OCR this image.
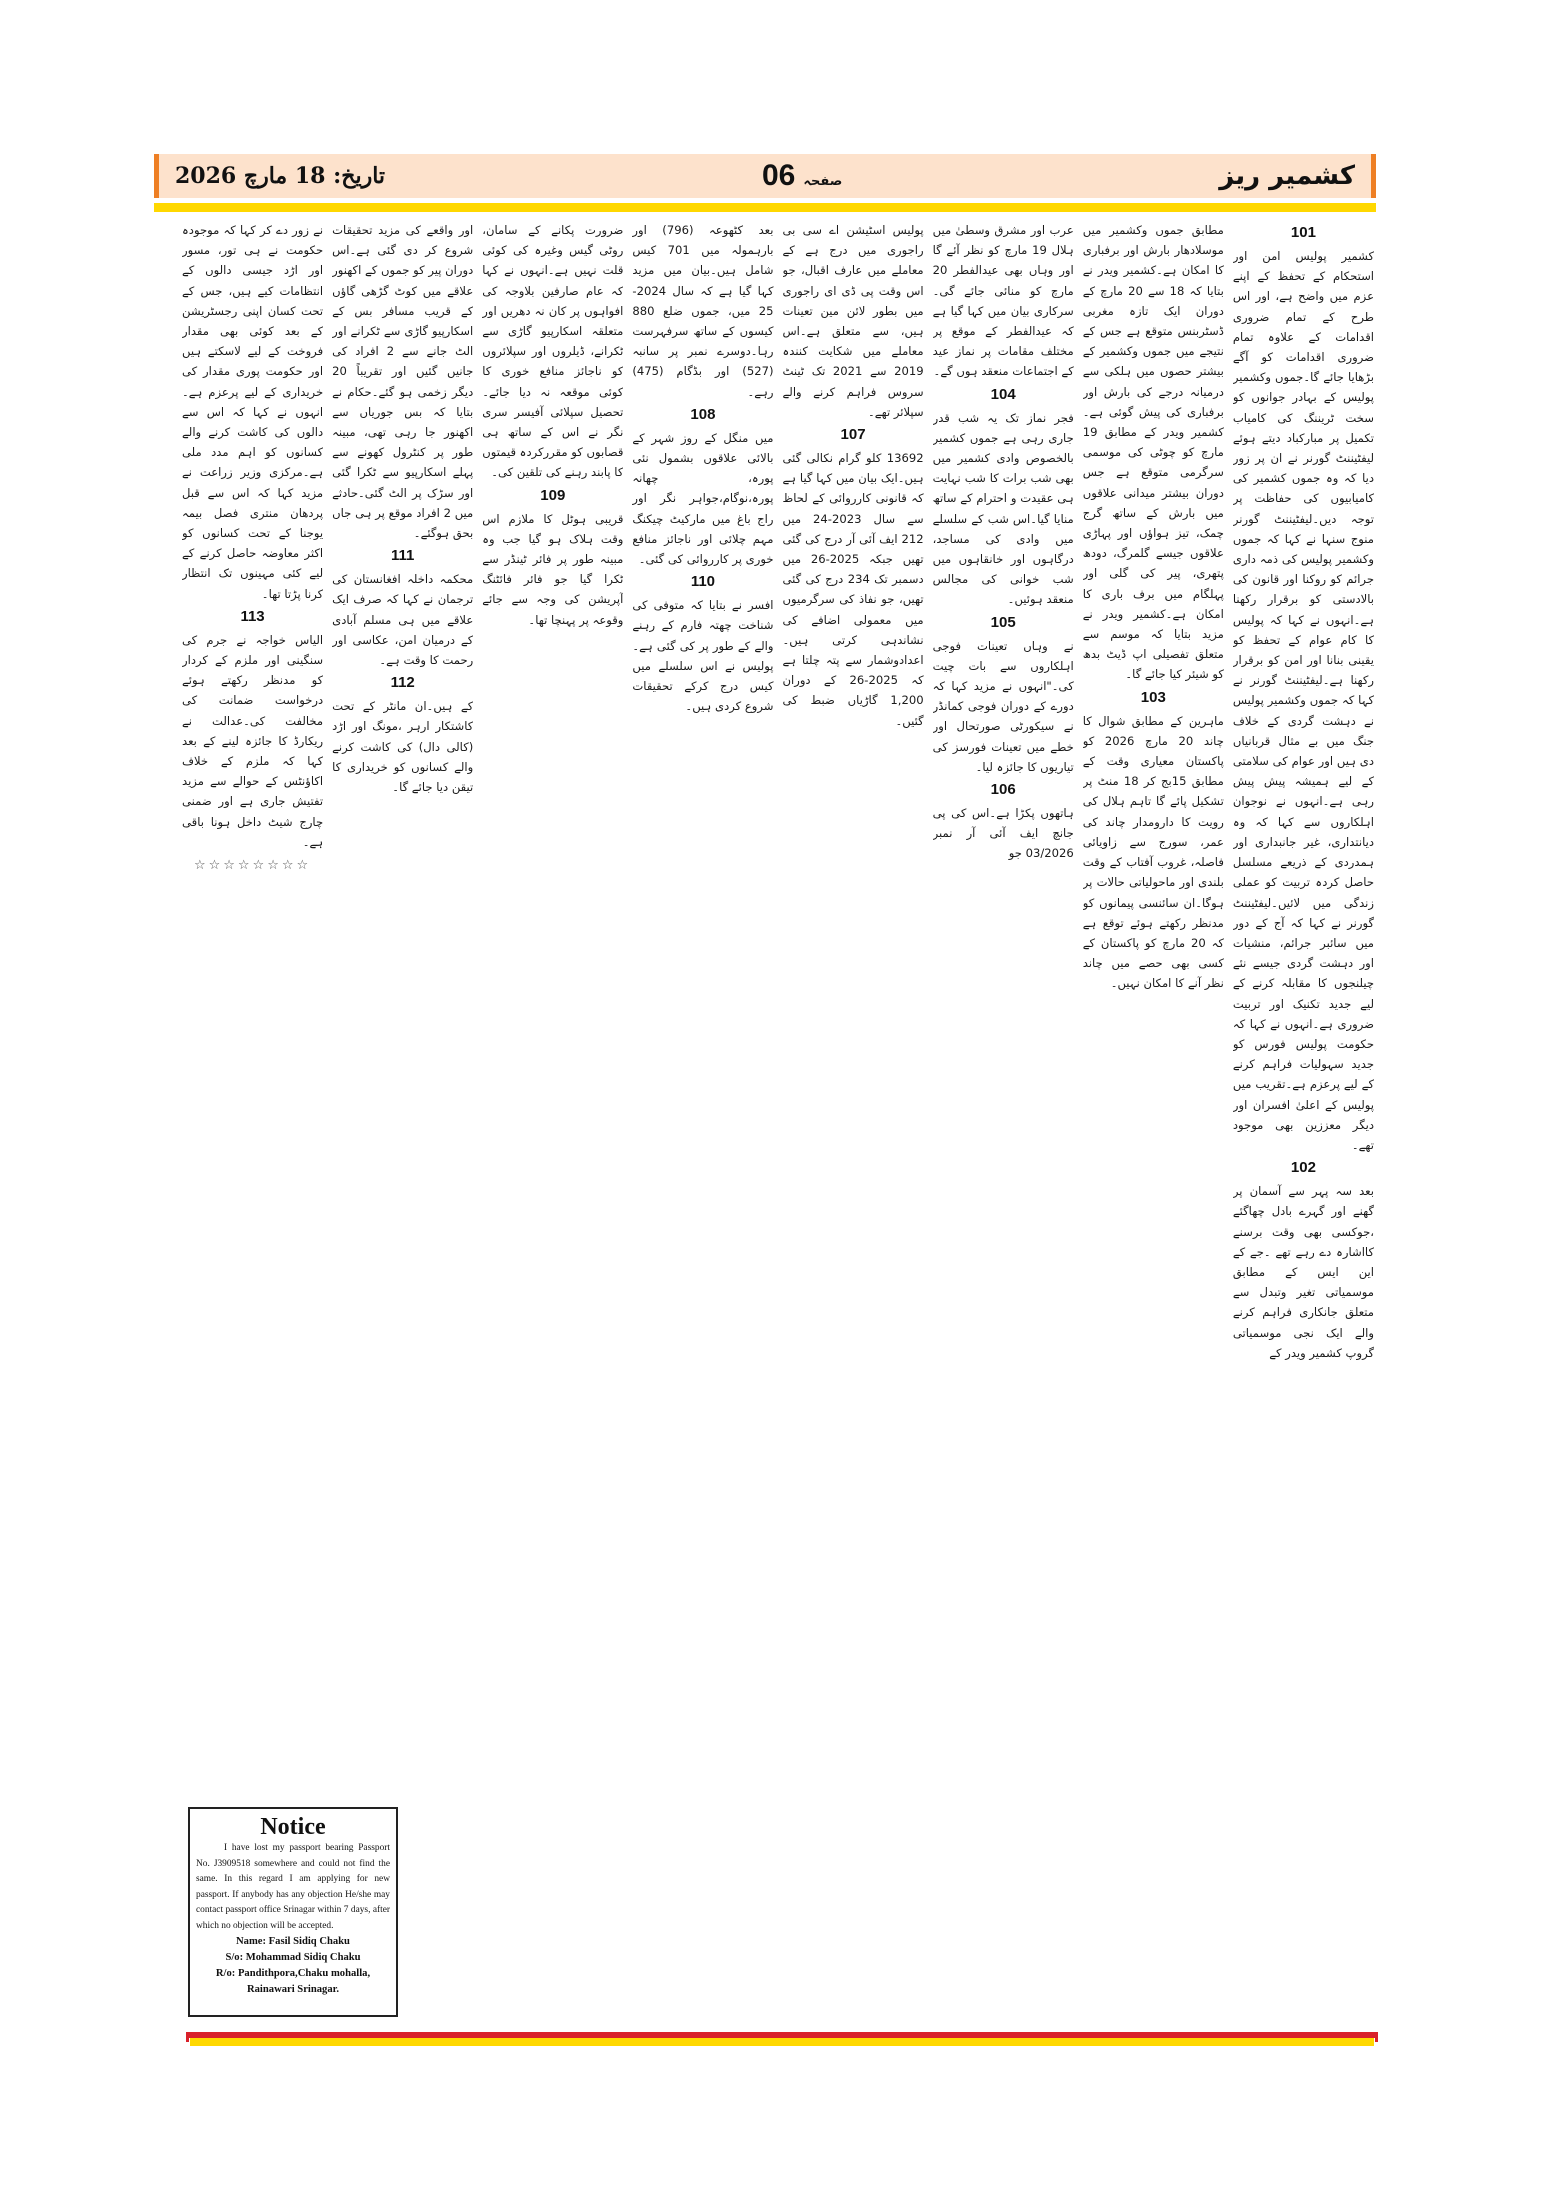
تاریخ: 18 مارچ 2026	06 صفحہ	کشمیر ریز
101

کشمیر پولیس امن اور استحکام کے تحفظ کے اپنے عزم میں واضح ہے، اور اس طرح کے تمام ضروری اقدامات کے علاوہ تمام ضروری اقدامات کو آگے بڑھایا جائے گا۔جموں وکشمیر پولیس کے بہادر جوانوں کو سخت ٹریننگ کی کامیاب تکمیل پر مبارکباد دیتے ہوئے لیفٹیننٹ گورنر نے ان پر زور دیا کہ وہ جموں کشمیر کی کامیابیوں کی حفاظت پر توجہ دیں۔لیفٹیننٹ گورنر منوج سنہا نے کہا کہ جموں وکشمیر پولیس کی ذمہ داری جرائم کو روکنا اور قانون کی بالادستی کو برقرار رکھنا ہے۔انہوں نے کہا کہ پولیس کا کام عوام کے تحفظ کو یقینی بنانا اور امن کو برقرار رکھنا ہے۔لیفٹیننٹ گورنر نے کہا کہ جموں وکشمیر پولیس نے دہشت گردی کے خلاف جنگ میں بے مثال قربانیاں دی ہیں اور عوام کی سلامتی کے لیے ہمیشہ پیش پیش رہی ہے۔انہوں نے نوجوان اہلکاروں سے کہا کہ وہ دیانتداری، غیر جانبداری اور ہمدردی کے ذریعے مسلسل حاصل کردہ تربیت کو عملی زندگی میں لائیں۔لیفٹیننٹ گورنر نے کہا کہ آج کے دور میں سائبر جرائم، منشیات اور دہشت گردی جیسے نئے چیلنجوں کا مقابلہ کرنے کے لیے جدید تکنیک اور تربیت ضروری ہے۔انہوں نے کہا کہ حکومت پولیس فورس کو جدید سہولیات فراہم کرنے کے لیے پرعزم ہے۔تقریب میں پولیس کے اعلیٰ افسران اور دیگر معززین بھی موجود تھے۔

102

بعد سہ پہر سے آسمان پر گھنے اور گہرے بادل چھاگئے ،جوکسی بھی وقت برسنے کااشارہ دے رہے تھے ۔جے کے این ایس کے مطابق موسمیاتی تغیر وتبدل سے متعلق جانکاری فراہم کرنے والے ایک نجی موسمیاتی گروپ کشمیر ویدر کے

مطابق جموں وکشمیر میں موسلادھار بارش اور برفباری کا امکان ہے۔کشمیر ویدر نے بتایا کہ 18 سے 20 مارچ کے دوران ایک تازہ مغربی ڈسٹربنس متوقع ہے جس کے نتیجے میں جموں وکشمیر کے بیشتر حصوں میں ہلکی سے درمیانہ درجے کی بارش اور برفباری کی پیش گوئی ہے۔کشمیر ویدر کے مطابق 19 مارچ کو چوٹی کی موسمی سرگرمی متوقع ہے جس دوران بیشتر میدانی علاقوں میں بارش کے ساتھ گرج چمک، تیز ہواؤں اور پہاڑی علاقوں جیسے گلمرگ، دودھ پتھری، پیر کی گلی اور پہلگام میں برف باری کا امکان ہے۔کشمیر ویدر نے مزید بتایا کہ موسم سے متعلق تفصیلی اپ ڈیٹ بدھ کو شیئر کیا جائے گا۔

103

ماہرین کے مطابق شوال کا چاند 20 مارچ 2026 کو پاکستان معیاری وقت کے مطابق 15بج کر 18 منٹ پر تشکیل پائے گا تاہم ہلال کی رویت کا دارومدار چاند کی عمر، سورج سے زاویائی فاصلہ، غروب آفتاب کے وقت بلندی اور ماحولیاتی حالات پر ہوگا۔ان سائنسی پیمانوں کو مدنظر رکھتے ہوئے توقع ہے کہ 20 مارچ کو پاکستان کے کسی بھی حصے میں چاند نظر آنے کا امکان نہیں۔

عرب اور مشرق وسطیٰ میں ہلال 19 مارچ کو نظر آئے گا اور وہاں بھی عیدالفطر 20 مارچ کو منائی جائے گی۔سرکاری بیان میں کہا گیا ہے کہ عیدالفطر کے موقع پر مختلف مقامات پر نماز عید کے اجتماعات منعقد ہوں گے۔

104

فجر نماز تک یہ شب قدر جاری رہی ہے جموں کشمیر بالخصوص وادی کشمیر میں بھی شب برات کا شب نہایت ہی عقیدت و احترام کے ساتھ منایا گیا۔اس شب کے سلسلے میں وادی کی مساجد، درگاہوں اور خانقاہوں میں شب خوانی کی مجالس منعقد ہوئیں۔

105

نے وہاں تعینات فوجی اہلکاروں سے بات چیت کی۔"انہوں نے مزید کہا کہ دورے کے دوران فوجی کمانڈر نے سیکورٹی صورتحال اور خطے میں تعینات فورسز کی تیاریوں کا جائزہ لیا۔

106

ہاتھوں پکڑا ہے۔اس کی پی جانچ ایف آئی آر نمبر 03/2026 جو

پولیس اسٹیشن اے سی بی راجوری میں درج ہے کے معاملے میں عارف اقبال، جو اس وقت پی ڈی ای راجوری میں بطور لائن مین تعینات ہیں، سے متعلق ہے۔اس معاملے میں شکایت کنندہ 2019 سے 2021 تک ٹینٹ سروس فراہم کرنے والے سپلائر تھے۔

107

13692 کلو گرام نکالی گئی ہیں۔ایک بیان میں کہا گیا ہے کہ قانونی کارروائی کے لحاظ سے سال 2023-24 میں 212 ایف آئی آر درج کی گئی تھیں جبکہ 2025-26 میں دسمبر تک 234 درج کی گئی تھیں، جو نفاذ کی سرگرمیوں میں معمولی اضافے کی نشاندہی کرتی ہیں۔اعدادوشمار سے پتہ چلتا ہے کہ 2025-26 کے دوران 1,200 گاڑیاں ضبط کی گئیں۔

بعد کٹھوعہ (796) اور بارہمولہ میں 701 کیس شامل ہیں۔بیان میں مزید کہا گیا ہے کہ سال 2024-25 میں، جموں ضلع 880 کیسوں کے ساتھ سرفہرست رہا۔دوسرے نمبر پر سانبہ (527) اور بڈگام (475) رہے۔

108

میں منگل کے روز شہر کے بالائی علاقوں بشمول نئی پورہ، چھانہ پورہ،نوگام،جواہر نگر اور راج باغ میں مارکیٹ چیکنگ مہم چلائی اور ناجائز منافع خوری پر کارروائی کی گئی۔

110

افسر نے بتایا کہ متوفی کی شناخت چھتہ فارم کے رہنے والے کے طور پر کی گئی ہے۔پولیس نے اس سلسلے میں کیس درج کرکے تحقیقات شروع کردی ہیں۔

ضرورت پکانے کے سامان، روٹی گیس وغیرہ کی کوئی قلت نہیں ہے۔انہوں نے کہا کہ عام صارفین بلاوجہ کی افواہوں پر کان نہ دھریں اور متعلقہ اسکارپیو گاڑی سے ٹکرانے، ڈیلروں اور سپلائروں کو ناجائز منافع خوری کا کوئی موقعہ نہ دیا جائے۔تحصیل سپلائی آفیسر سری نگر نے اس کے ساتھ ہی قصابوں کو مقررکردہ قیمتوں کا پابند رہنے کی تلقین کی۔

109

قریبی ہوٹل کا ملازم اس وقت ہلاک ہو گیا جب وہ مبینہ طور پر فائر ٹینڈر سے ٹکرا گیا جو فائر فائٹنگ آپریشن کی وجہ سے جائے وقوعہ پر پہنچا تھا۔

اور واقعے کی مزید تحقیقات شروع کر دی گئی ہے۔اس دوران پیر کو جموں کے اکھنور علاقے میں کوٹ گڑھی گاؤں کے قریب مسافر بس کے اسکارپیو گاڑی سے ٹکرانے اور الٹ جانے سے 2 افراد کی جانیں گئیں اور تقریباً 20 دیگر زخمی ہو گئے۔حکام نے بتایا کہ بس جوریاں سے اکھنور جا رہی تھی، مبینہ طور پر کنٹرول کھونے سے پہلے اسکارپیو سے ٹکرا گئی اور سڑک پر الٹ گئی۔حادثے میں 2 افراد موقع پر ہی جاں بحق ہوگئے۔

111

محکمہ داخلہ افغانستان کی ترجمان نے کہا کہ صرف ایک علاقے میں ہی مسلم آبادی کے درمیان امن، عکاسی اور رحمت کا وقت ہے۔

112

کے ہیں۔ان مانٹر کے تحت کاشتکار ارہر ،مونگ اور اڑد (کالی دال) کی کاشت کرنے والے کسانوں کو خریداری کا تیقن دیا جائے گا۔

نے زور دے کر کہا کہ موجودہ حکومت نے ہی تور، مسور اور اڑد جیسی دالوں کے انتظامات کیے ہیں، جس کے تحت کسان اپنی رجسٹریشن کے بعد کوئی بھی مقدار فروخت کے لیے لاسکتے ہیں اور حکومت پوری مقدار کی خریداری کے لیے پرعزم ہے۔انہوں نے کہا کہ اس سے دالوں کی کاشت کرنے والے کسانوں کو اہم مدد ملی ہے۔مرکزی وزیر زراعت نے مزید کہا کہ اس سے قبل پردھان منتری فصل بیمہ یوجنا کے تحت کسانوں کو اکثر معاوضہ حاصل کرنے کے لیے کئی مہینوں تک انتظار کرنا پڑتا تھا۔

113

الیاس خواجہ نے جرم کی سنگینی اور ملزم کے کردار کو مدنظر رکھتے ہوئے درخواست ضمانت کی مخالفت کی۔عدالت نے ریکارڈ کا جائزہ لینے کے بعد کہا کہ ملزم کے خلاف اکاؤنٹس کے حوالے سے مزید تفتیش جاری ہے اور ضمنی چارج شیٹ داخل ہونا باقی ہے۔

☆☆☆☆☆☆☆☆
Notice

I have lost my passport bearing Passport No. J3909518 somewhere and could not find the same. In this regard I am applying for new passport. If anybody has any objection He/she may contact passport office Srinagar within 7 days, after which no objection will be accepted.

Name: Fasil Sidiq Chaku
S/o: Mohammad Sidiq Chaku
R/o: Pandithpora,Chaku mohalla,
Rainawari Srinagar.
